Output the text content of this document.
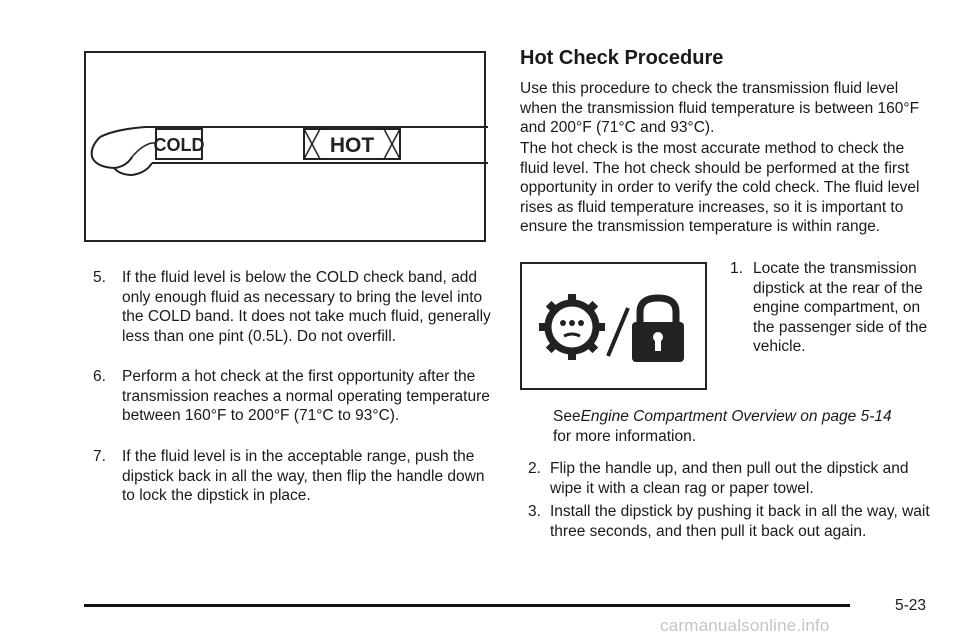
COLD	HOT
5.	If the fluid level is below the COLD check band, add only enough fluid as necessary to bring the level into the COLD band. It does not take much fluid, generally less than one pint (0.5L). Do not overfill.
6.	Perform a hot check at the first opportunity after the transmission reaches a normal operating temperature between 160°F to 200°F (71°C to 93°C).
7.	If the fluid level is in the acceptable range, push the dipstick back in all the way, then flip the handle down to lock the dipstick in place.
Hot Check Procedure
Use this procedure to check the transmission fluid level when the transmission fluid temperature is between 160°F and 200°F (71°C and 93°C).
The hot check is the most accurate method to check the fluid level. The hot check should be performed at the first opportunity in order to verify the cold check. The fluid level rises as fluid temperature increases, so it is important to ensure the transmission temperature is within range.
1. Locate the transmission dipstick at the rear of the engine compartment, on the passenger side of the vehicle.
SeeEngine Compartment Overview on page 5-14
for more information.
2. Flip the handle up, and then pull out the dipstick and wipe it with a clean rag or paper towel.
3. Install the dipstick by pushing it back in all the way, wait three seconds, and then pull it back out again.
5-23
carmanualsonline.info
